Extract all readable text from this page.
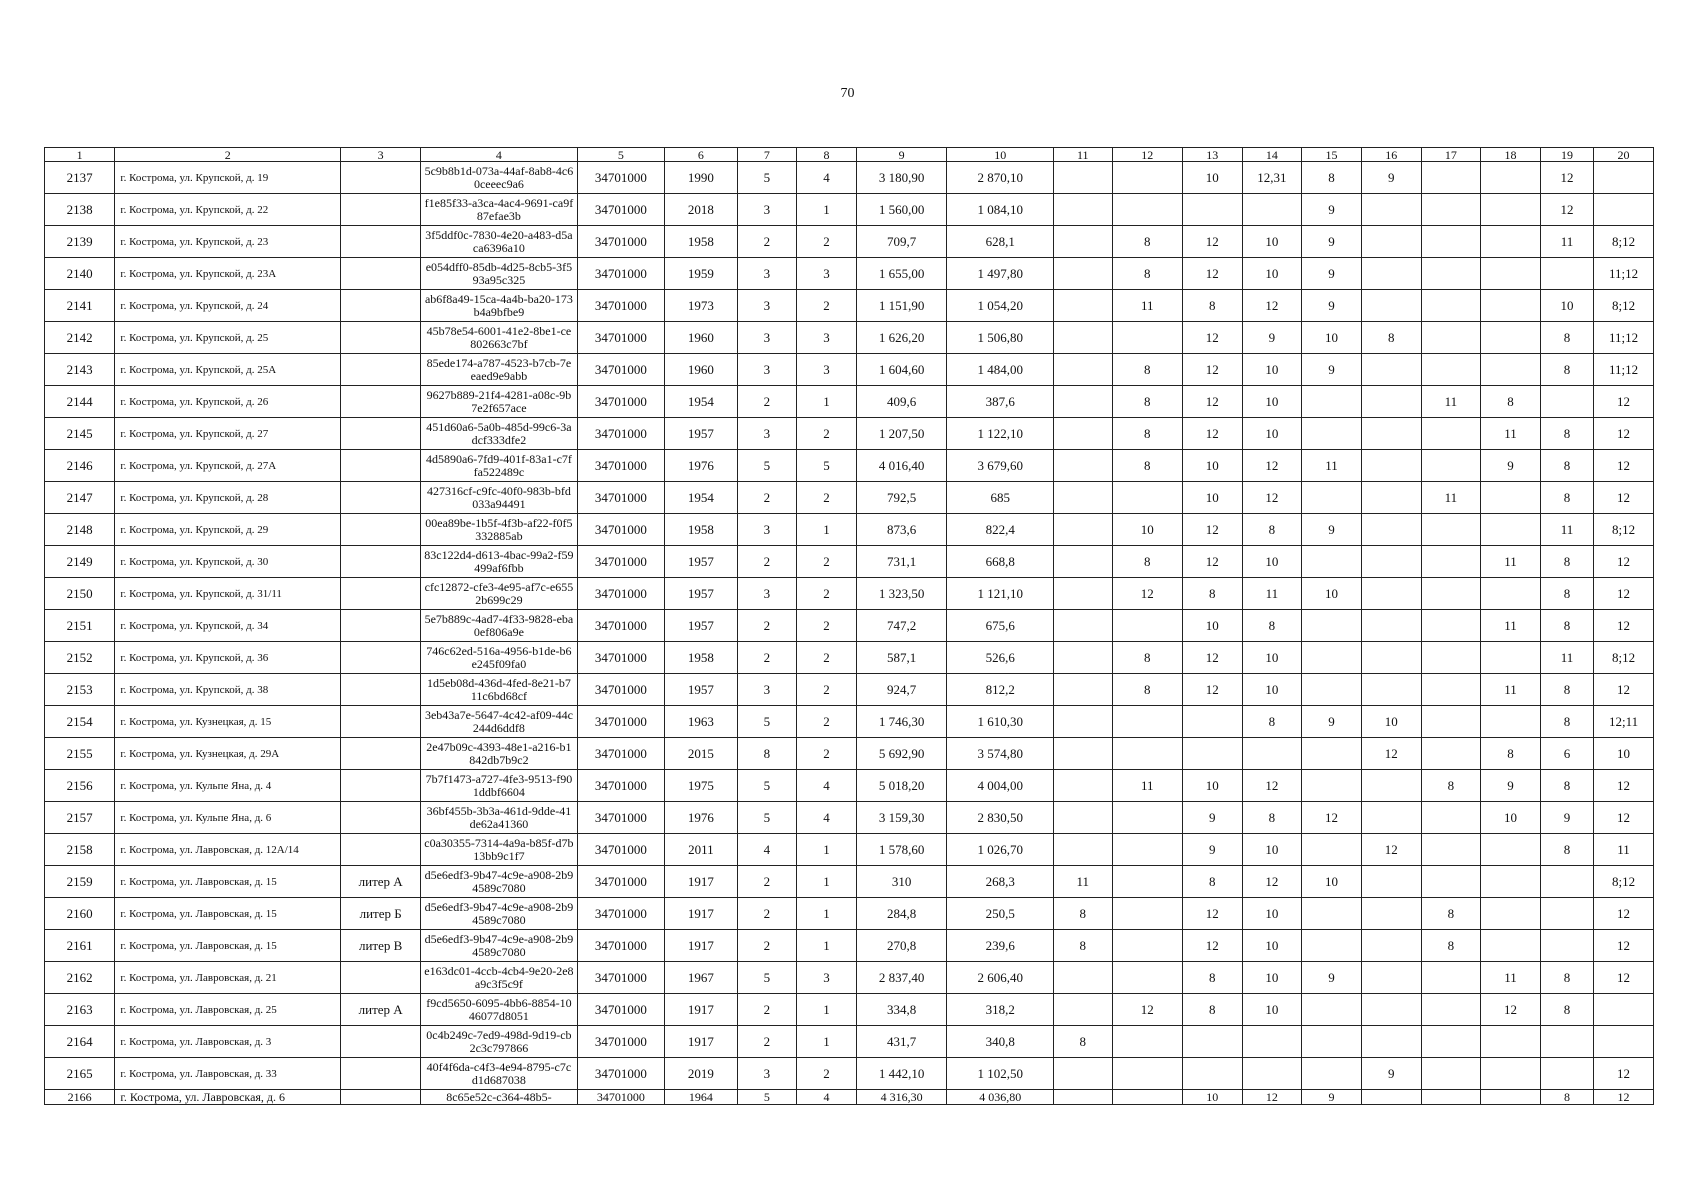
70
1	2	3	4	5	6	7	8	9	10	11	12	13	14	15	16	17	18	19	20
2137	г. Кострома, ул. Крупской, д. 19		5c9b8b1d-073a-44af-8ab8-4c60ceeec9a6	34701000	1990	5	4	3 180,90	2 870,10			10	12,31	8	9			12	
2138	г. Кострома, ул. Крупской, д. 22		f1e85f33-a3ca-4ac4-9691-ca9f87efae3b	34701000	2018	3	1	1 560,00	1 084,10					9				12	
2139	г. Кострома, ул. Крупской, д. 23		3f5ddf0c-7830-4e20-a483-d5aca6396a10	34701000	1958	2	2	709,7	628,1		8	12	10	9				11	8;12
2140	г. Кострома, ул. Крупской, д. 23А		e054dff0-85db-4d25-8cb5-3f593a95c325	34701000	1959	3	3	1 655,00	1 497,80		8	12	10	9					11;12
2141	г. Кострома, ул. Крупской, д. 24		ab6f8a49-15ca-4a4b-ba20-173b4a9bfbe9	34701000	1973	3	2	1 151,90	1 054,20		11	8	12	9				10	8;12
2142	г. Кострома, ул. Крупской, д. 25		45b78e54-6001-41e2-8be1-ce802663c7bf	34701000	1960	3	3	1 626,20	1 506,80			12	9	10	8			8	11;12
2143	г. Кострома, ул. Крупской, д. 25А		85ede174-a787-4523-b7cb-7eeaed9e9abb	34701000	1960	3	3	1 604,60	1 484,00		8	12	10	9				8	11;12
2144	г. Кострома, ул. Крупской, д. 26		9627b889-21f4-4281-a08c-9b7e2f657ace	34701000	1954	2	1	409,6	387,6		8	12	10			11	8		12
2145	г. Кострома, ул. Крупской, д. 27		451d60a6-5a0b-485d-99c6-3adcf333dfe2	34701000	1957	3	2	1 207,50	1 122,10		8	12	10				11	8	12
2146	г. Кострома, ул. Крупской, д. 27А		4d5890a6-7fd9-401f-83a1-c7ffa522489c	34701000	1976	5	5	4 016,40	3 679,60		8	10	12	11			9	8	12
2147	г. Кострома, ул. Крупской, д. 28		427316cf-c9fc-40f0-983b-bfd033a94491	34701000	1954	2	2	792,5	685			10	12			11		8	12
2148	г. Кострома, ул. Крупской, д. 29		00ea89be-1b5f-4f3b-af22-f0f5332885ab	34701000	1958	3	1	873,6	822,4		10	12	8	9				11	8;12
2149	г. Кострома, ул. Крупской, д. 30		83c122d4-d613-4bac-99a2-f59499af6fbb	34701000	1957	2	2	731,1	668,8		8	12	10				11	8	12
2150	г. Кострома, ул. Крупской, д. 31/11		cfc12872-cfe3-4e95-af7c-e6552b699c29	34701000	1957	3	2	1 323,50	1 121,10		12	8	11	10				8	12
2151	г. Кострома, ул. Крупской, д. 34		5e7b889c-4ad7-4f33-9828-eba0ef806a9e	34701000	1957	2	2	747,2	675,6			10	8				11	8	12
2152	г. Кострома, ул. Крупской, д. 36		746c62ed-516a-4956-b1de-b6e245f09fa0	34701000	1958	2	2	587,1	526,6		8	12	10					11	8;12
2153	г. Кострома, ул. Крупской, д. 38		1d5eb08d-436d-4fed-8e21-b711c6bd68cf	34701000	1957	3	2	924,7	812,2		8	12	10				11	8	12
2154	г. Кострома, ул. Кузнецкая, д. 15		3eb43a7e-5647-4c42-af09-44c244d6ddf8	34701000	1963	5	2	1 746,30	1 610,30				8	9	10			8	12;11
2155	г. Кострома, ул. Кузнецкая, д. 29А		2e47b09c-4393-48e1-a216-b1842db7b9c2	34701000	2015	8	2	5 692,90	3 574,80						12		8	6	10
2156	г. Кострома, ул. Кульпе Яна, д. 4		7b7f1473-a727-4fe3-9513-f901ddbf6604	34701000	1975	5	4	5 018,20	4 004,00		11	10	12			8	9	8	12
2157	г. Кострома, ул. Кульпе Яна, д. 6		36bf455b-3b3a-461d-9dde-41de62a41360	34701000	1976	5	4	3 159,30	2 830,50			9	8	12			10	9	12
2158	г. Кострома, ул. Лавровская, д. 12А/14		c0a30355-7314-4a9a-b85f-d7b13bb9c1f7	34701000	2011	4	1	1 578,60	1 026,70			9	10		12			8	11
2159	г. Кострома, ул. Лавровская, д. 15	литер А	d5e6edf3-9b47-4c9e-a908-2b94589c7080	34701000	1917	2	1	310	268,3	11		8	12	10					8;12
2160	г. Кострома, ул. Лавровская, д. 15	литер Б	d5e6edf3-9b47-4c9e-a908-2b94589c7080	34701000	1917	2	1	284,8	250,5	8		12	10			8			12
2161	г. Кострома, ул. Лавровская, д. 15	литер В	d5e6edf3-9b47-4c9e-a908-2b94589c7080	34701000	1917	2	1	270,8	239,6	8		12	10			8			12
2162	г. Кострома, ул. Лавровская, д. 21		e163dc01-4ccb-4cb4-9e20-2e8a9c3f5c9f	34701000	1967	5	3	2 837,40	2 606,40			8	10	9			11	8	12
2163	г. Кострома, ул. Лавровская, д. 25	литер А	f9cd5650-6095-4bb6-8854-1046077d8051	34701000	1917	2	1	334,8	318,2		12	8	10				12	8	
2164	г. Кострома, ул. Лавровская, д. 3		0c4b249c-7ed9-498d-9d19-cb2c3c797866	34701000	1917	2	1	431,7	340,8	8									
2165	г. Кострома, ул. Лавровская, д. 33		40f4f6da-c4f3-4e94-8795-c7cd1d687038	34701000	2019	3	2	1 442,10	1 102,50						9				12
2166	г. Кострома, ул. Лавровская, д. 6		8c65e52c-c364-48b5-	34701000	1964	5	4	4 316,30	4 036,80			10	12	9				8	12
